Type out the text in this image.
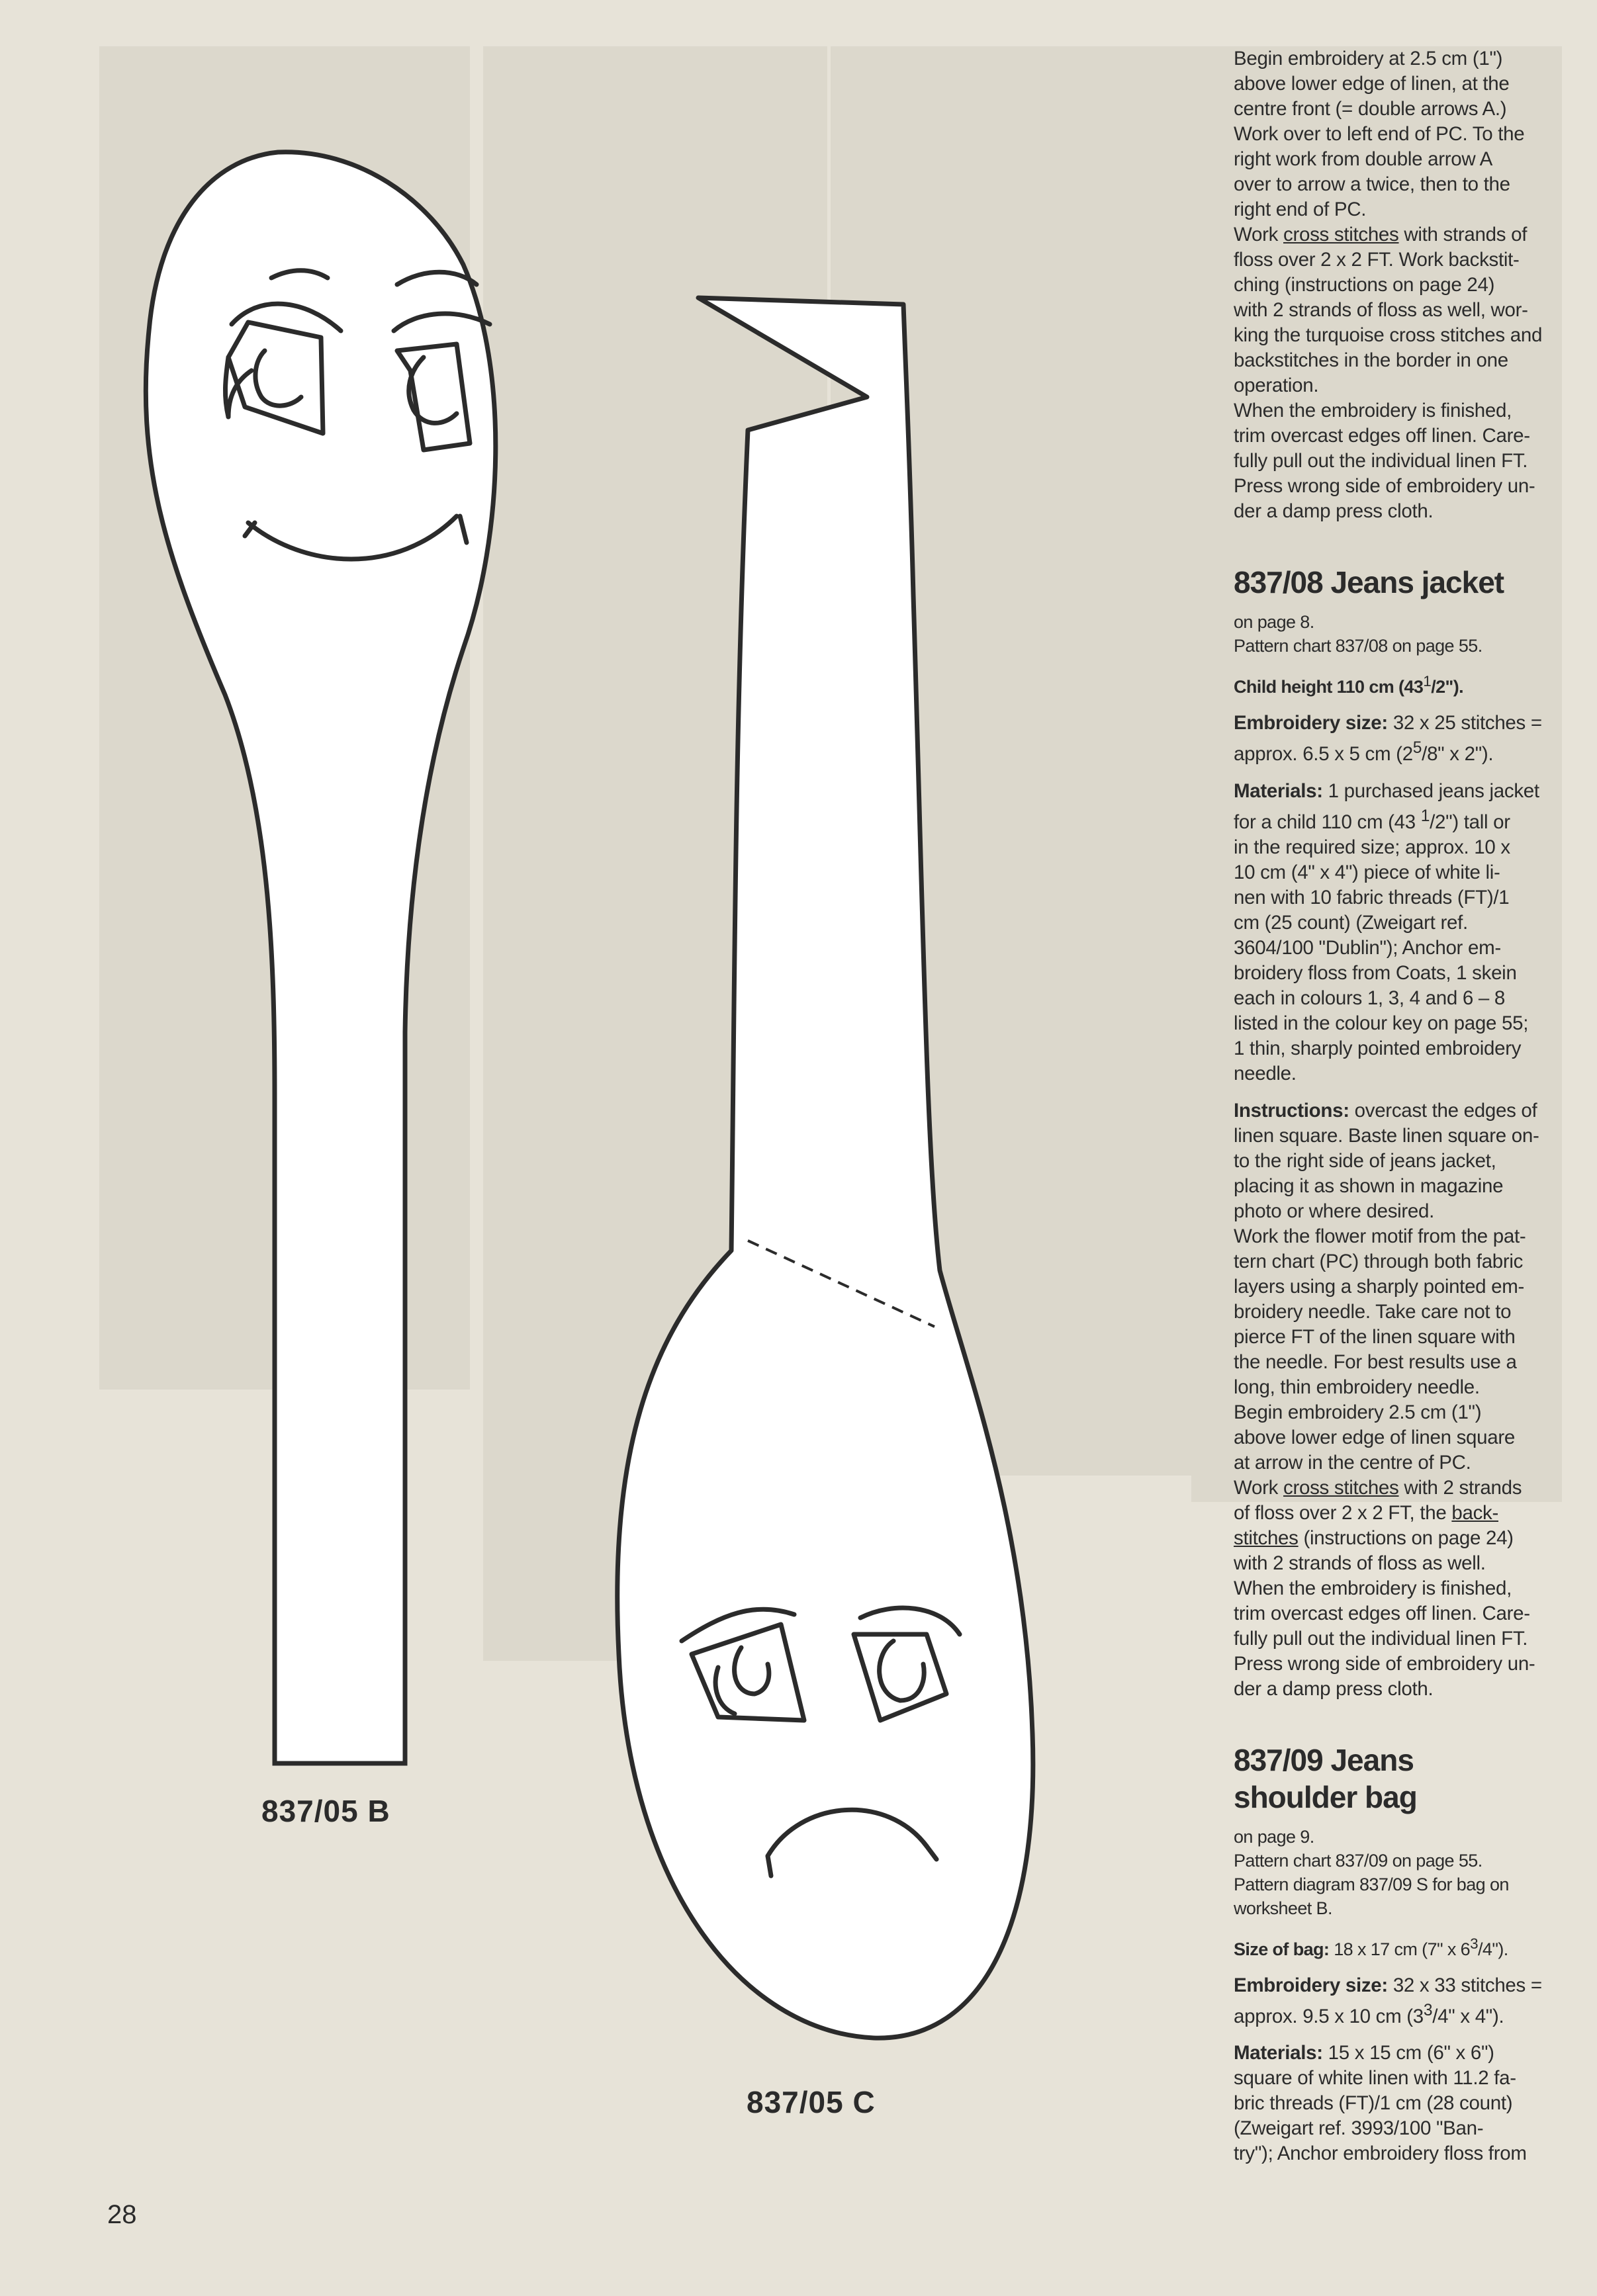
837/05 B
837/05 C
28

Begin embroidery at 2.5 cm (1")

above lower edge of linen, at the

centre front (= double arrows A.)

Work over to left end of PC. To the

right work from double arrow A

over to arrow a twice, then to the

right end of PC.

Work cross stitches with strands of

floss over 2 x 2 FT. Work backstit-

ching (instructions on page 24)

with 2 strands of floss as well, wor-

king the turquoise cross stitches and

backstitches in the border in one

operation.

When the embroidery is finished,

trim overcast edges off linen. Care-

fully pull out the individual linen FT.

Press wrong side of embroidery un-

der a damp press cloth.

837/08 Jeans jacket

on page 8.

Pattern chart 837/08 on page 55.

Child height 110 cm $(43^1/2")$.

Embroidery size: 32 x 25 stitches =

approx. 6.5 x 5 cm ($2^5/8$" x 2").

Materials: 1 purchased jeans jacket

for a child 110 cm (43 $^1$/2") tall or

in the required size; approx. 10 x

10 cm (4" x 4") piece of white li-

nen with 10 fabric threads (FT)/1

cm (25 count) (Zweigart ref.

3604/100 "Dublin"); Anchor em-

broidery floss from Coats, 1 skein

each in colours 1, 3, 4 and 6 – 8

listed in the colour key on page 55;

1 thin, sharply pointed embroidery

needle.

Instructions: overcast the edges of

linen square. Baste linen square on-

to the right side of jeans jacket,

placing it as shown in magazine

photo or where desired.

Work the flower motif from the pat-

tern chart (PC) through both fabric

layers using a sharply pointed em-

broidery needle. Take care not to

pierce FT of the linen square with

the needle. For best results use a

long, thin embroidery needle.

Begin embroidery 2.5 cm (1")

above lower edge of linen square

at arrow in the centre of PC.

Work cross stitches with 2 strands

of floss over 2 x 2 FT, the back-

stitches (instructions on page 24)

with 2 strands of floss as well.

When the embroidery is finished,

trim overcast edges off linen. Care-

fully pull out the individual linen FT.

Press wrong side of embroidery un-

der a damp press cloth.

837/09 Jeans

shoulder bag

on page 9.

Pattern chart 837/09 on page 55.

Pattern diagram 837/09 S for bag on

worksheet B.

Size of bag: 18 x 17 cm (7" x $6^3/4$").

Embroidery size: 32 x 33 stitches =

approx. 9.5 x 10 cm ($3^3/4$" x 4").

Materials: 15 x 15 cm (6" x 6")

square of white linen with 11.2 fa-

bric threads (FT)/1 cm (28 count)

(Zweigart ref. 3993/100 "Ban-

try"); Anchor embroidery floss from
